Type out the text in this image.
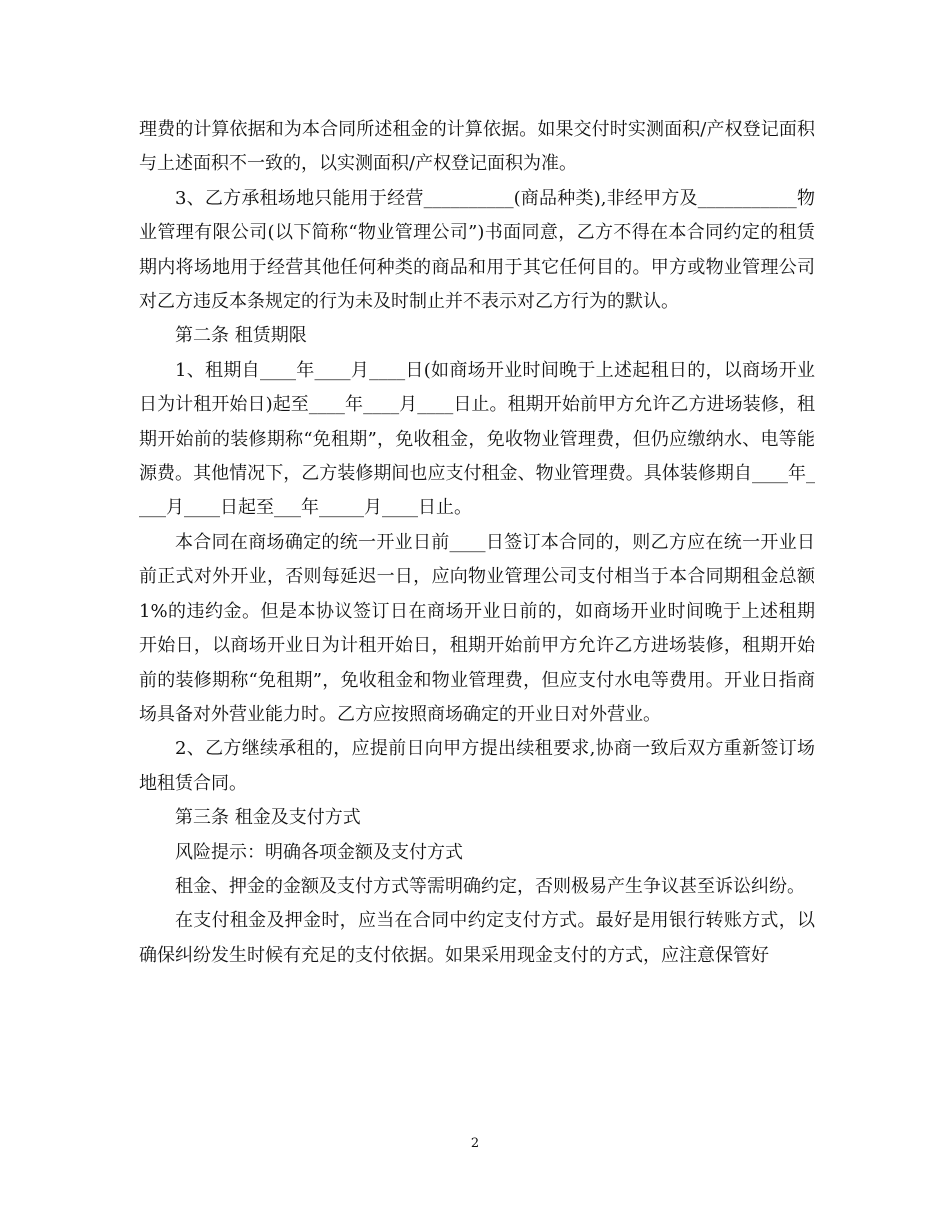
理费的计算依据和为本合同所述租金的计算依据。如果交付时实测面积/产权登记面积与上述面积不一致的，以实测面积/产权登记面积为准。

3、乙方承租场地只能用于经营__________(商品种类),非经甲方及___________物业管理有限公司(以下简称“物业管理公司”)书面同意，乙方不得在本合同约定的租赁期内将场地用于经营其他任何种类的商品和用于其它任何目的。甲方或物业管理公司对乙方违反本条规定的行为未及时制止并不表示对乙方行为的默认。

第二条 租赁期限

1、租期自____年____月____日(如商场开业时间晚于上述起租日的，以商场开业日为计租开始日)起至____年____月____日止。租期开始前甲方允许乙方进场装修，租期开始前的装修期称“免租期”，免收租金，免收物业管理费，但仍应缴纳水、电等能源费。其他情况下，乙方装修期间也应支付租金、物业管理费。具体装修期自____年____月____日起至___年_____月____日止。

本合同在商场确定的统一开业日前____日签订本合同的，则乙方应在统一开业日前正式对外开业，否则每延迟一日，应向物业管理公司支付相当于本合同期租金总额1%的违约金。但是本协议签订日在商场开业日前的，如商场开业时间晚于上述租期开始日，以商场开业日为计租开始日，租期开始前甲方允许乙方进场装修，租期开始前的装修期称“免租期”，免收租金和物业管理费，但应支付水电等费用。开业日指商场具备对外营业能力时。乙方应按照商场确定的开业日对外营业。

2、乙方继续承租的，应提前日向甲方提出续租要求,协商一致后双方重新签订场地租赁合同。

第三条 租金及支付方式

风险提示：明确各项金额及支付方式

租金、押金的金额及支付方式等需明确约定，否则极易产生争议甚至诉讼纠纷。

在支付租金及押金时，应当在合同中约定支付方式。最好是用银行转账方式，以确保纠纷发生时候有充足的支付依据。如果采用现金支付的方式，应注意保管好

2
